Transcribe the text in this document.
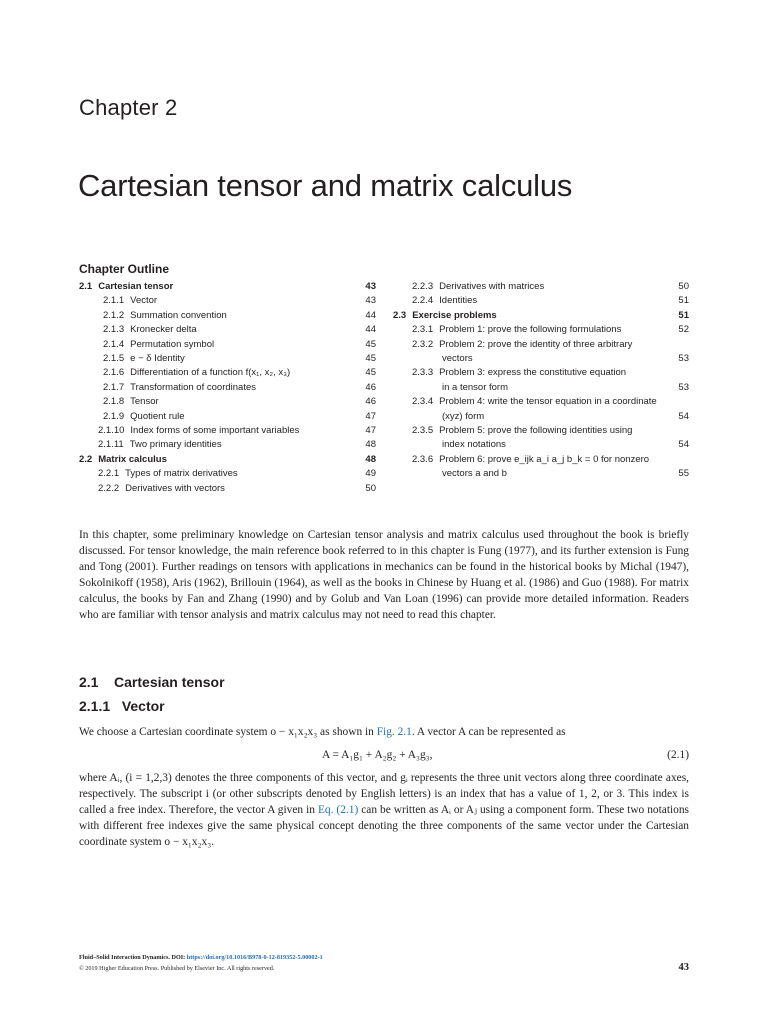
Chapter 2
Cartesian tensor and matrix calculus
Chapter Outline
2.1 Cartesian tensor	43
2.1.1 Vector	43
2.1.2 Summation convention	44
2.1.3 Kronecker delta	44
2.1.4 Permutation symbol	45
2.1.5 e − δ Identity	45
2.1.6 Differentiation of a function f(x₁, x₂, x₃)	45
2.1.7 Transformation of coordinates	46
2.1.8 Tensor	46
2.1.9 Quotient rule	47
2.1.10 Index forms of some important variables	47
2.1.11 Two primary identities	48
2.2 Matrix calculus	48
2.2.1 Types of matrix derivatives	49
2.2.2 Derivatives with vectors	50
2.2.3 Derivatives with matrices	50
2.2.4 Identities	51
2.3 Exercise problems	51
2.3.1 Problem 1: prove the following formulations	52
2.3.2 Problem 2: prove the identity of three arbitrary
vectors	53
2.3.3 Problem 3: express the constitutive equation
in a tensor form	53
2.3.4 Problem 4: write the tensor equation in a coordinate
(xyz) form	54
2.3.5 Problem 5: prove the following identities using
index notations	54
2.3.6 Problem 6: prove e_ijk a_i a_j b_k = 0 for nonzero
vectors a and b	55
In this chapter, some preliminary knowledge on Cartesian tensor analysis and matrix calculus used throughout the book is briefly discussed. For tensor knowledge, the main reference book referred to in this chapter is Fung (1977), and its further extension is Fung and Tong (2001). Further readings on tensors with applications in mechanics can be found in the historical books by Michal (1947), Sokolnikoff (1958), Aris (1962), Brillouin (1964), as well as the books in Chinese by Huang et al. (1986) and Guo (1988). For matrix calculus, the books by Fan and Zhang (1990) and by Golub and Van Loan (1996) can provide more detailed information. Readers who are familiar with tensor analysis and matrix calculus may not need to read this chapter.
2.1 Cartesian tensor
2.1.1 Vector
We choose a Cartesian coordinate system o − x₁x₂x₃ as shown in Fig. 2.1. A vector A can be represented as
A = A₁g₁ + A₂g₂ + A₃g₃,	(2.1)
where Aᵢ, (i = 1,2,3) denotes the three components of this vector, and gᵢ represents the three unit vectors along three coordinate axes, respectively. The subscript i (or other subscripts denoted by English letters) is an index that has a value of 1, 2, or 3. This index is called a free index. Therefore, the vector A given in Eq. (2.1) can be written as Aᵢ or Aⱼ using a component form. These two notations with different free indexes give the same physical concept denoting the three components of the same vector under the Cartesian coordinate system o − x₁x₂x₃.
Fluid–Solid Interaction Dynamics. DOI: https://doi.org/10.1016/B978-0-12-819352-5.00002-1
© 2019 Higher Education Press. Published by Elsevier Inc. All rights reserved.	43
